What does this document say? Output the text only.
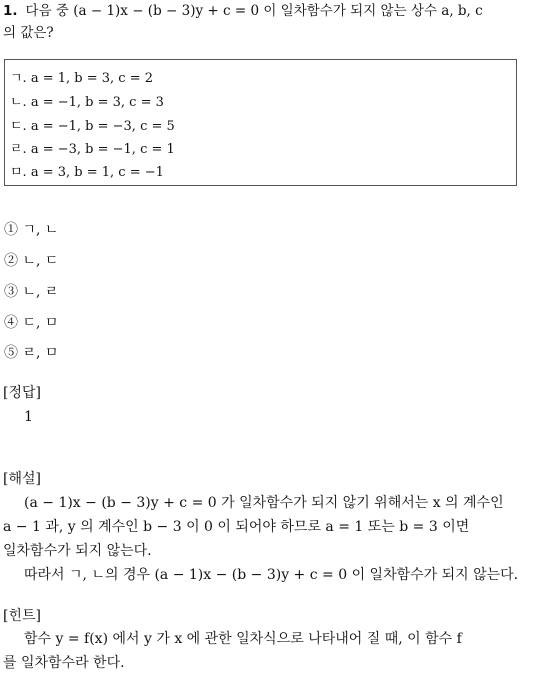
1. 다음 중 (a − 1)x − (b − 3)y + c = 0 이 일차함수가 되지 않는 상수 a, b, c
의 값은?
ㄱ. a = 1, b = 3, c = 2
ㄴ. a = −1, b = 3, c = 3
ㄷ. a = −1, b = −3, c = 5
ㄹ. a = −3, b = −1, c = 1
ㅁ. a = 3, b = 1, c = −1
① ㄱ, ㄴ
② ㄴ, ㄷ
③ ㄴ, ㄹ
④ ㄷ, ㅁ
⑤ ㄹ, ㅁ
[정답]
1
[해설]
(a − 1)x − (b − 3)y + c = 0 가 일차함수가 되지 않기 위해서는 x 의 계수인
a − 1 과, y 의 계수인 b − 3 이 0 이 되어야 하므로 a = 1 또는 b = 3 이면
일차함수가 되지 않는다.
따라서 ㄱ, ㄴ의 경우 (a − 1)x − (b − 3)y + c = 0 이 일차함수가 되지 않는다.
[힌트]
함수 y = f(x) 에서 y 가 x 에 관한 일차식으로 나타내어 질 때, 이 함수 f
를 일차함수라 한다.
